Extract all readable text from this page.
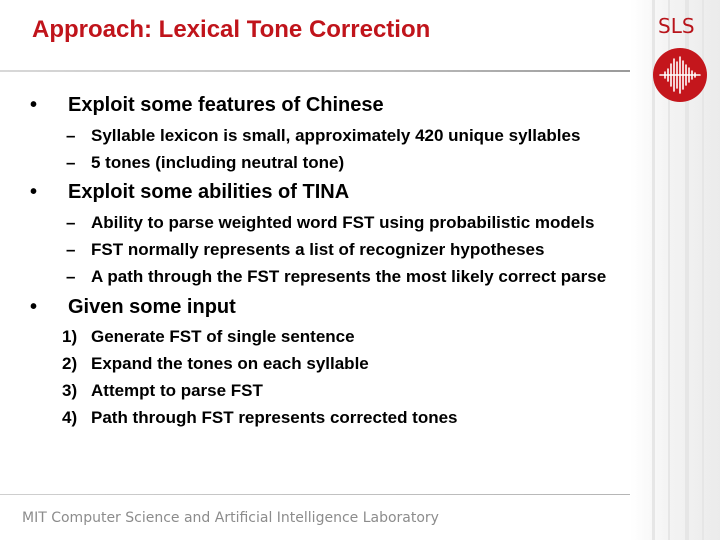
Approach: Lexical Tone Correction	SLS
• Exploit some features of Chinese
– Syllable lexicon is small, approximately 420 unique syllables
– 5 tones (including neutral tone)
• Exploit some abilities of TINA
– Ability to parse weighted word FST using probabilistic models
– FST normally represents a list of recognizer hypotheses
– A path through the FST represents the most likely correct parse
• Given some input
1) Generate FST of single sentence
2) Expand the tones on each syllable
3) Attempt to parse FST
4) Path through FST represents corrected tones
MIT Computer Science and Artificial Intelligence Laboratory
